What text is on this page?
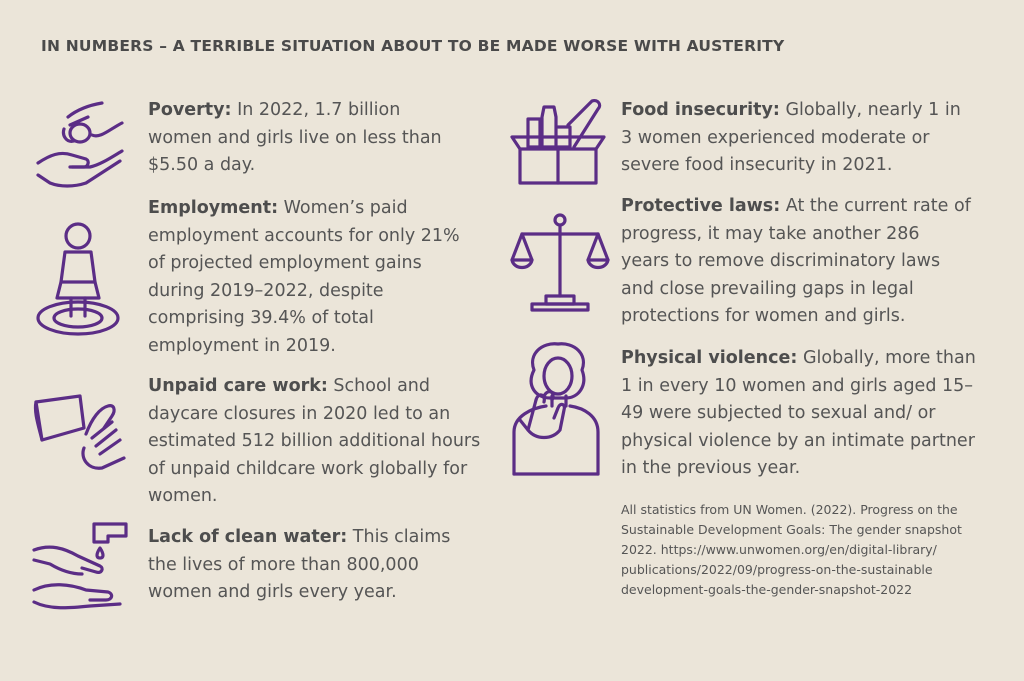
IN NUMBERS – A TERRIBLE SITUATION ABOUT TO BE MADE WORSE WITH AUSTERITY
Poverty: In 2022, 1.7 billion women and girls live on less than $5.50 a day.
Employment: Women’s paid employment accounts for only 21% of projected employment gains during 2019–2022, despite comprising 39.4% of total employment in 2019.
Unpaid care work: School and daycare closures in 2020 led to an estimated 512 billion additional hours of unpaid childcare work globally for women.
Lack of clean water: This claims the lives of more than 800,000 women and girls every year.
Food insecurity: Globally, nearly 1 in 3 women experienced moderate or severe food insecurity in 2021.
Protective laws: At the current rate of progress, it may take another 286 years to remove discriminatory laws and close prevailing gaps in legal protections for women and girls.
Physical violence: Globally, more than 1 in every 10 women and girls aged 15–49 were subjected to sexual and/ or physical violence by an intimate partner in the previous year.
All statistics from UN Women. (2022). Progress on the Sustainable Development Goals: The gender snapshot 2022. https://www.unwomen.org/en/digital-library/ publications/2022/09/progress-on-the-sustainable development-goals-the-gender-snapshot-2022
